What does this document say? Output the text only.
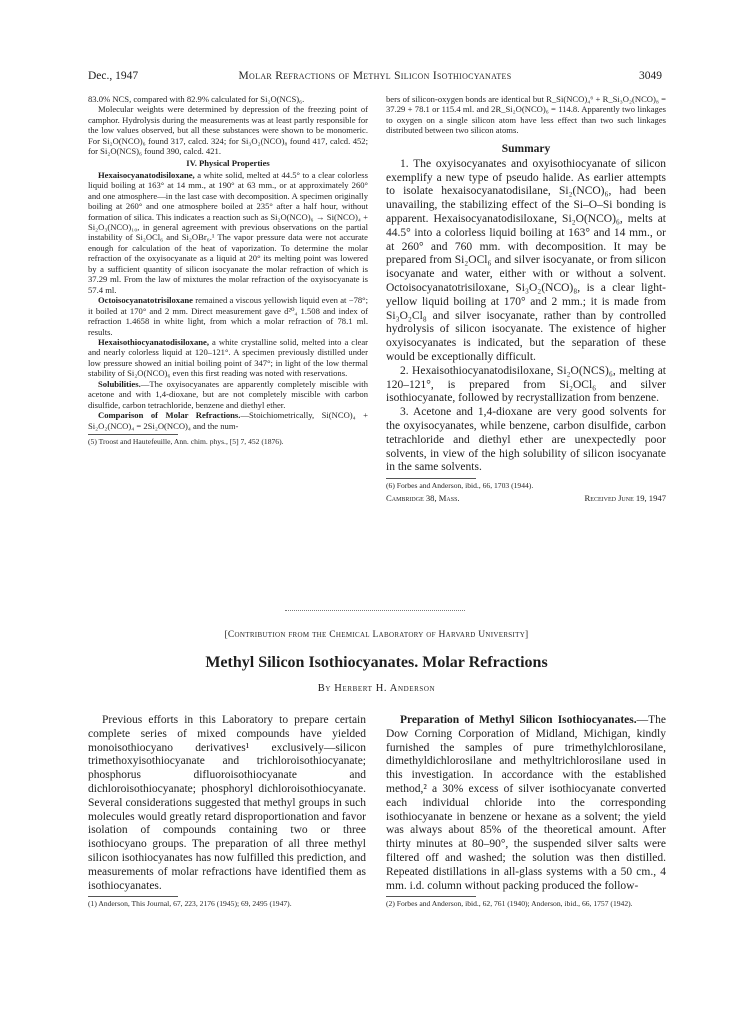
Dec., 1947	Molar Refractions of Methyl Silicon Isothiocyanates	3049

83.0% NCS, compared with 82.9% calculated for Si₂O(NCS)₆.

Molecular weights were determined by depression of the freezing point of camphor. Hydrolysis during the measurements was at least partly responsible for the low values observed, but all these substances were shown to be monomeric. For Si₂O(NCO)₆ found 317, calcd. 324; for Si₃O₂(NCO)₈ found 417, calcd. 452; for Si₂O(NCS)₆ found 390, calcd. 421.

IV. Physical Properties

Hexaisocyanatodisiloxane, a white solid, melted at 44.5° to a clear colorless liquid boiling at 163° at 14 mm., at 190° at 63 mm., or at approximately 260° and one atmosphere—in the last case with decomposition. A specimen originally boiling at 260° and one atmosphere boiled at 235° after a half hour, without formation of silica. This indicates a reaction such as Si₂O(NCO)₆ → Si(NCO)₄ + Si₂O₃(NCO)₁₀, in general agreement with previous observations on the partial instability of Si₂OCl₆ and Si₂OBr₆.¹ The vapor pressure data were not accurate enough for calculation of the heat of vaporization. To determine the molar refraction of the oxyisocyanate as a liquid at 20° its melting point was lowered by a sufficient quantity of silicon isocyanate the molar refraction of which is 37.29 ml. From the law of mixtures the molar refraction of the oxyisocyanate is 57.4 ml.

Octoisocyanatotrisiloxane remained a viscous yellowish liquid even at −78°; it boiled at 170° and 2 mm. Direct measurement gave d²⁰₄ 1.508 and index of refraction 1.4658 in white light, from which a molar refraction of 78.1 ml. results.

Hexaisothiocyanatodisiloxane, a white crystalline solid, melted into a clear and nearly colorless liquid at 120–121°. A specimen previously distilled under low pressure showed an initial boiling point of 347°; in light of the low thermal stability of Si₂O(NCO)₆ even this first reading was noted with reservations.

Solubilities.—The oxyisocyanates are apparently completely miscible with acetone and with 1,4-dioxane, but are not completely miscible with carbon disulfide, carbon tetrachloride, benzene and diethyl ether.

Comparison of Molar Refractions.—Stoichiometrically, Si(NCO)₄ + Si₂O₂(NCO)₄ = 2Si₂O(NCO)₄ and the num-

(5) Troost and Hautefeuille, Ann. chim. phys., [5] 7, 452 (1876).

bers of silicon-oxygen bonds are identical but R_Si(NCO)₄⁶ + R_Si₃O₂(NCO)₈ = 37.29 + 78.1 or 115.4 ml. and 2R_Si₂O(NCO)₆ = 114.8. Apparently two linkages to oxygen on a single silicon atom have less effect than two such linkages distributed between two silicon atoms.

Summary

1. The oxyisocyanates and oxyisothiocyanate of silicon exemplify a new type of pseudo halide. As earlier attempts to isolate hexaisocyanatodisilane, Si₂(NCO)₆, had been unavailing, the stabilizing effect of the Si–O–Si bonding is apparent. Hexaisocyanatodisiloxane, Si₂O(NCO)₆, melts at 44.5° into a colorless liquid boiling at 163° and 14 mm., or at 260° and 760 mm. with decomposition. It may be prepared from Si₂OCl₆ and silver isocyanate, or from silicon isocyanate and water, either with or without a solvent. Octoisocyanatotrisiloxane, Si₃O₂(NCO)₈, is a clear light-yellow liquid boiling at 170° and 2 mm.; it is made from Si₃O₂Cl₈ and silver isocyanate, rather than by controlled hydrolysis of silicon isocyanate. The existence of higher oxyisocyanates is indicated, but the separation of these would be exceptionally difficult.

2. Hexaisothiocyanatodisiloxane, Si₂O(NCS)₆, melting at 120–121°, is prepared from Si₂OCl₆ and silver isothiocyanate, followed by recrystallization from benzene.

3. Acetone and 1,4-dioxane are very good solvents for the oxyisocyanates, while benzene, carbon disulfide, carbon tetrachloride and diethyl ether are unexpectedly poor solvents, in view of the high solubility of silicon isocyanate in the same solvents.

(6) Forbes and Anderson, ibid., 66, 1703 (1944).

Cambridge 38, Mass.	Received June 19, 1947
[Contribution from the Chemical Laboratory of Harvard University]
Methyl Silicon Isothiocyanates. Molar Refractions
By Herbert H. Anderson

Previous efforts in this Laboratory to prepare certain complete series of mixed compounds have yielded monoisothiocyano derivatives¹ exclusively—silicon trimethoxyisothiocyanate and trichloroisothiocyanate; phosphorus difluoroisothiocyanate and dichloroisothiocyanate; phosphoryl dichloroisothiocyanate. Several considerations suggested that methyl groups in such molecules would greatly retard disproportionation and favor isolation of compounds containing two or three isothiocyano groups. The preparation of all three methyl silicon isothiocyanates has now fulfilled this prediction, and measurements of molar refractions have identified them as isothiocyanates.

(1) Anderson, This Journal, 67, 223, 2176 (1945); 69, 2495 (1947).

Preparation of Methyl Silicon Isothiocyanates.—The Dow Corning Corporation of Midland, Michigan, kindly furnished the samples of pure trimethylchlorosilane, dimethyldichlorosilane and methyltrichlorosilane used in this investigation. In accordance with the established method,² a 30% excess of silver isothiocyanate converted each individual chloride into the corresponding isothiocyanate in benzene or hexane as a solvent; the yield was always about 85% of the theoretical amount. After thirty minutes at 80–90°, the suspended silver salts were filtered off and washed; the solution was then distilled. Repeated distillations in all-glass systems with a 50 cm., 4 mm. i.d. column without packing produced the follow-

(2) Forbes and Anderson, ibid., 62, 761 (1940); Anderson, ibid., 66, 1757 (1942).
